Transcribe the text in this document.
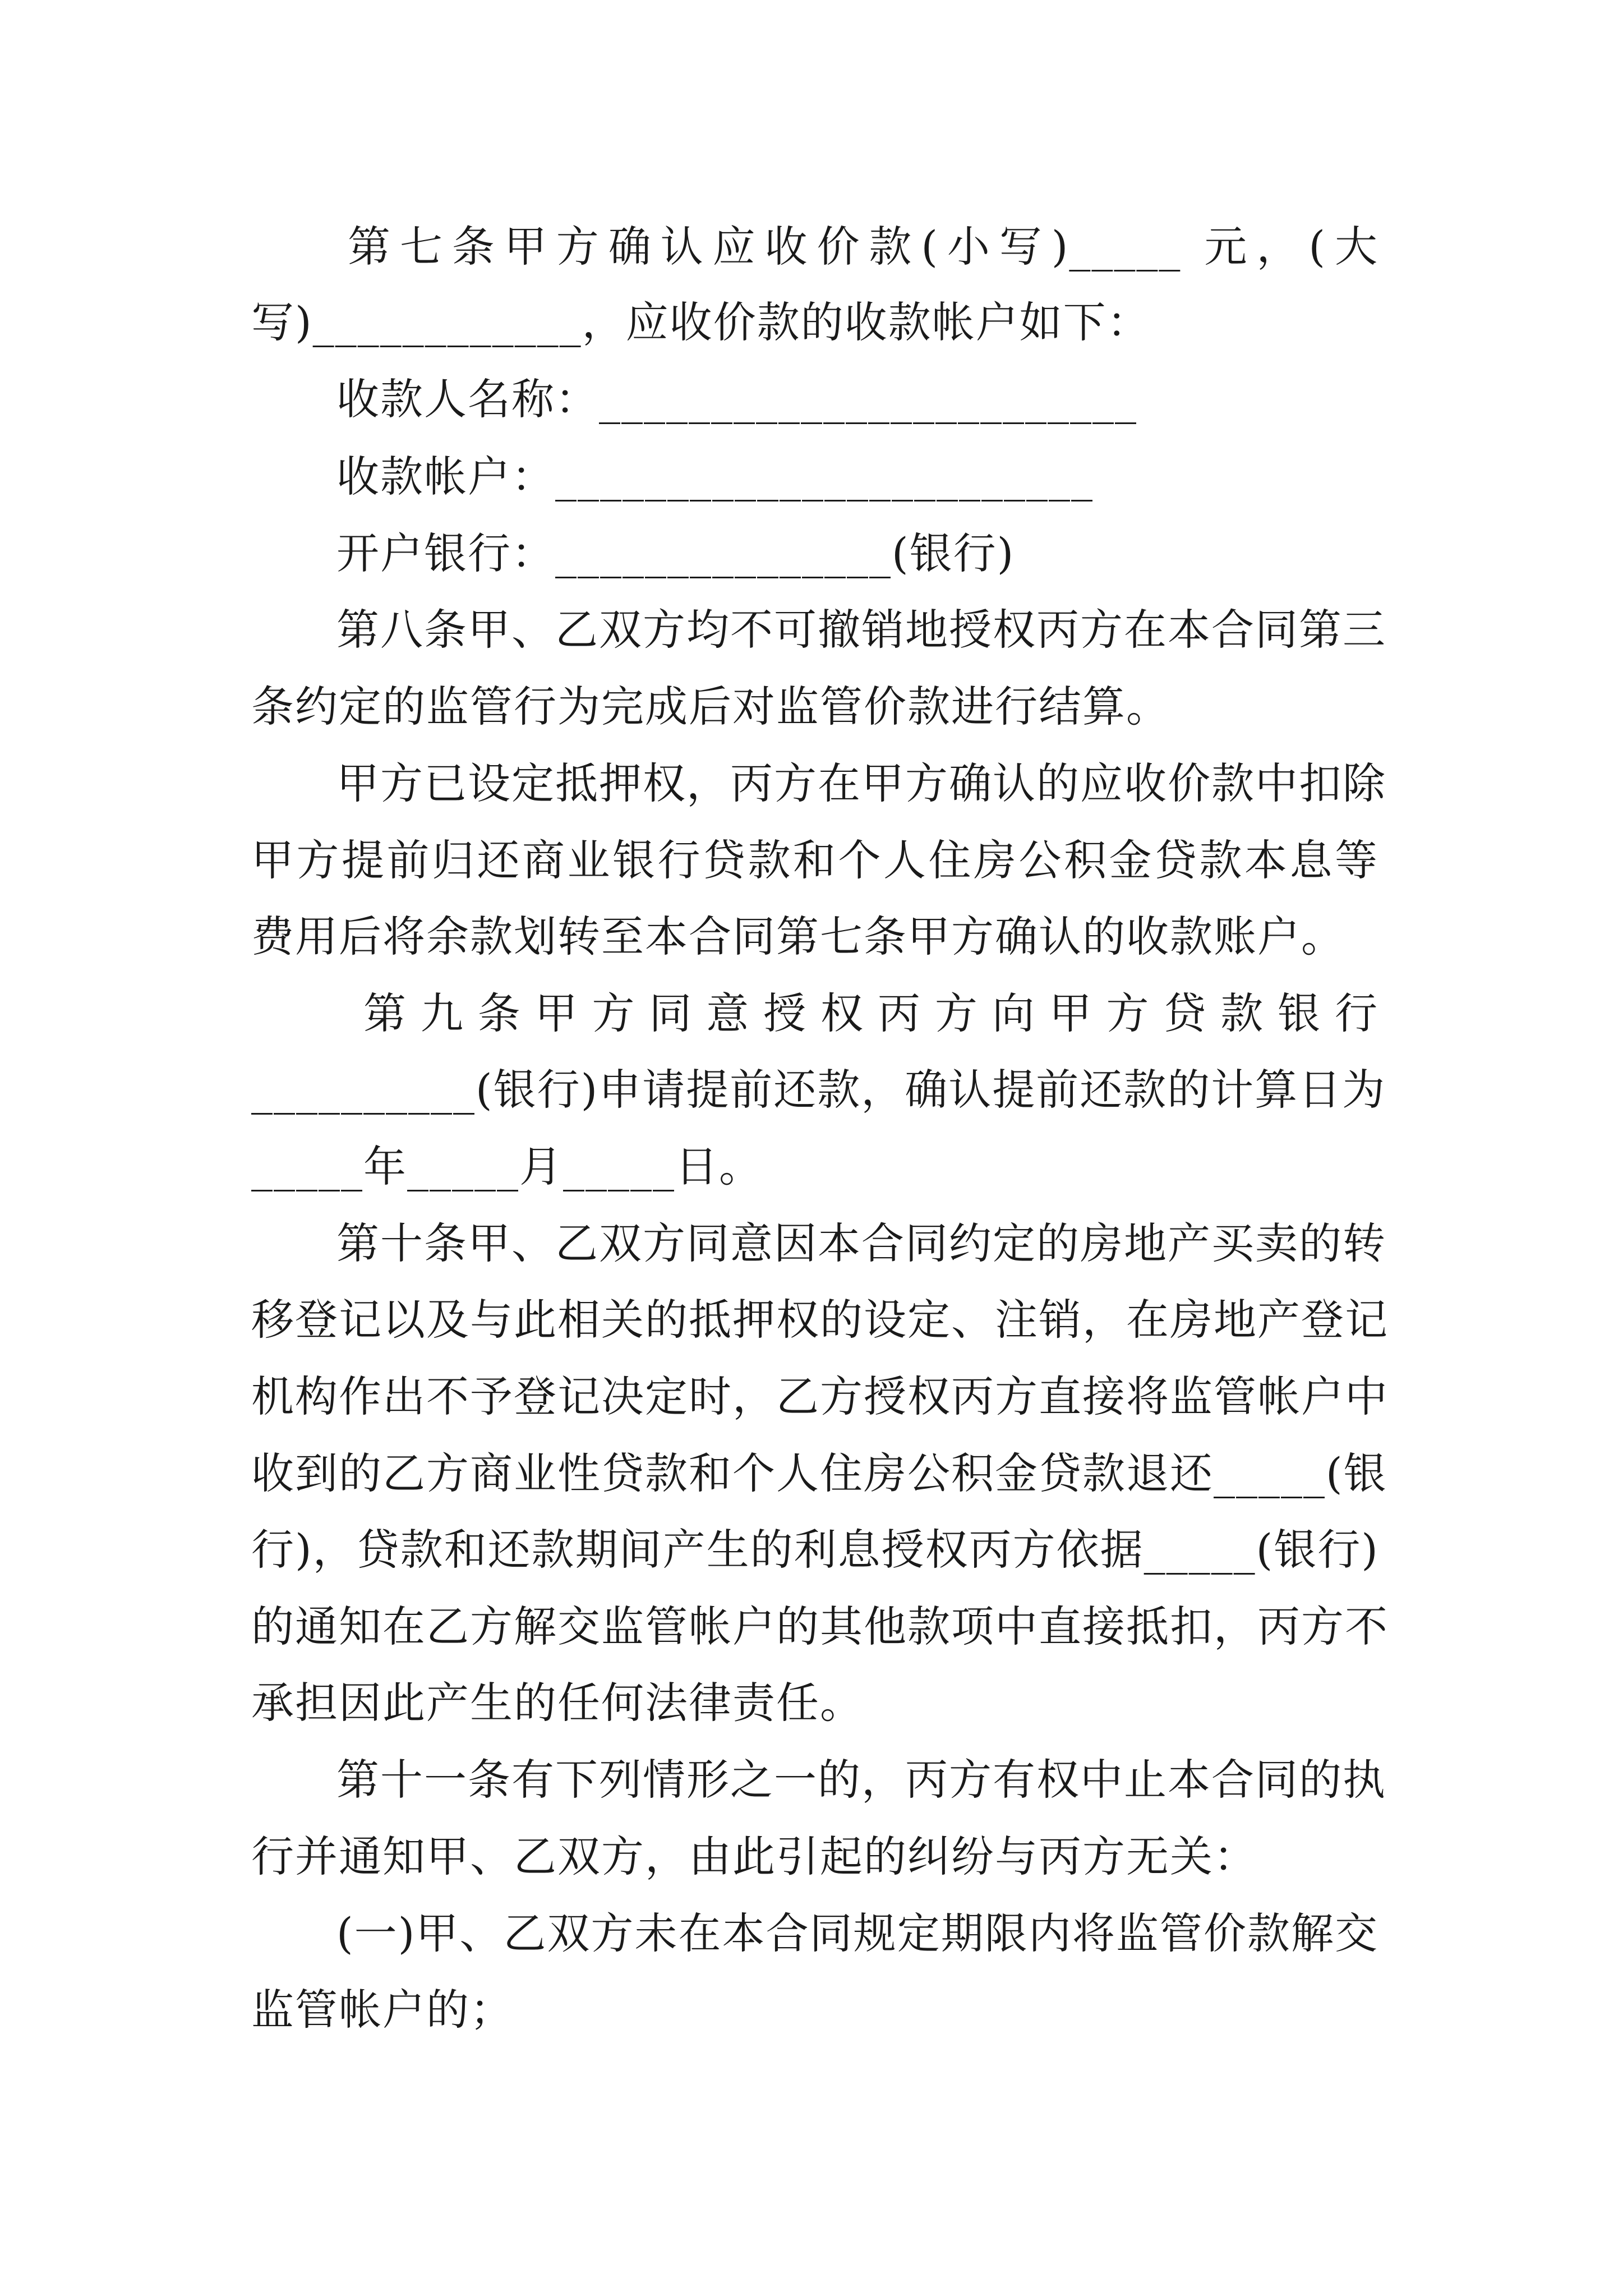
第七条甲方确认应收价款(小写)_____ 元，(大
写)____________，应收价款的收款帐户如下：
收款人名称：________________________
收款帐户：________________________
开户银行：_______________(银行)
第八条甲、乙双方均不可撤销地授权丙方在本合同第三
条约定的监管行为完成后对监管价款进行结算。
甲方已设定抵押权，丙方在甲方确认的应收价款中扣除
甲方提前归还商业银行贷款和个人住房公积金贷款本息等
费用后将余款划转至本合同第七条甲方确认的收款账户。
第九条甲方同意授权丙方向甲方贷款银行
__________(银行)申请提前还款，确认提前还款的计算日为
_____年_____月_____日。
第十条甲、乙双方同意因本合同约定的房地产买卖的转
移登记以及与此相关的抵押权的设定、注销，在房地产登记
机构作出不予登记决定时，乙方授权丙方直接将监管帐户中
收到的乙方商业性贷款和个人住房公积金贷款退还_____(银
行)，贷款和还款期间产生的利息授权丙方依据_____(银行)
的通知在乙方解交监管帐户的其他款项中直接抵扣，丙方不
承担因此产生的任何法律责任。
第十一条有下列情形之一的，丙方有权中止本合同的执
行并通知甲、乙双方，由此引起的纠纷与丙方无关：
(一)甲、乙双方未在本合同规定期限内将监管价款解交
监管帐户的；
